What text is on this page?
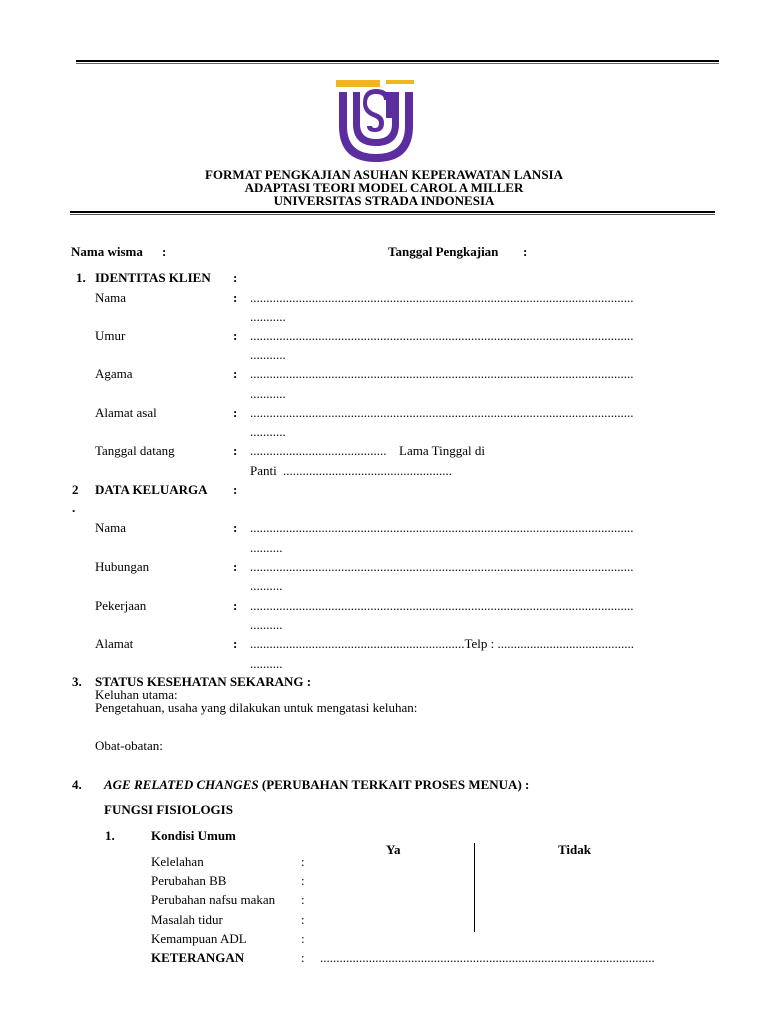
FORMAT PENGKAJIAN ASUHAN KEPERAWATAN LANSIA
ADAPTASI TEORI MODEL CAROL A MILLER
UNIVERSITAS STRADA INDONESIA
Nama wisma :	Tanggal Pengkajian :
1. IDENTITAS KLIEN :
Nama	: ......................................................................................................................
...........
Umur	: ......................................................................................................................
...........
Agama	: ......................................................................................................................
...........
Alamat asal	: ......................................................................................................................
...........
Tanggal datang	: .......................................... Lama Tinggal di
Panti ....................................................
2
.
DATA KELUARGA :
Nama	: ......................................................................................................................
..........
Hubungan	: ......................................................................................................................
..........
Pekerjaan	: ......................................................................................................................
..........
Alamat	: ..................................................................Telp : ..........................................
..........
3. STATUS KESEHATAN SEKARANG :
Keluhan utama:
Pengetahuan, usaha yang dilakukan untuk mengatasi keluhan:
Obat-obatan:
4. AGE RELATED CHANGES (PERUBAHAN TERKAIT PROSES MENUA) :
FUNGSI FISIOLOGIS
1.	Kondisi Umum
Ya	Tidak
Kelelahan	:
Perubahan BB	:
Perubahan nafsu makan :
Masalah tidur	:
Kemampuan ADL	:
KETERANGAN	: .......................................................................................................
